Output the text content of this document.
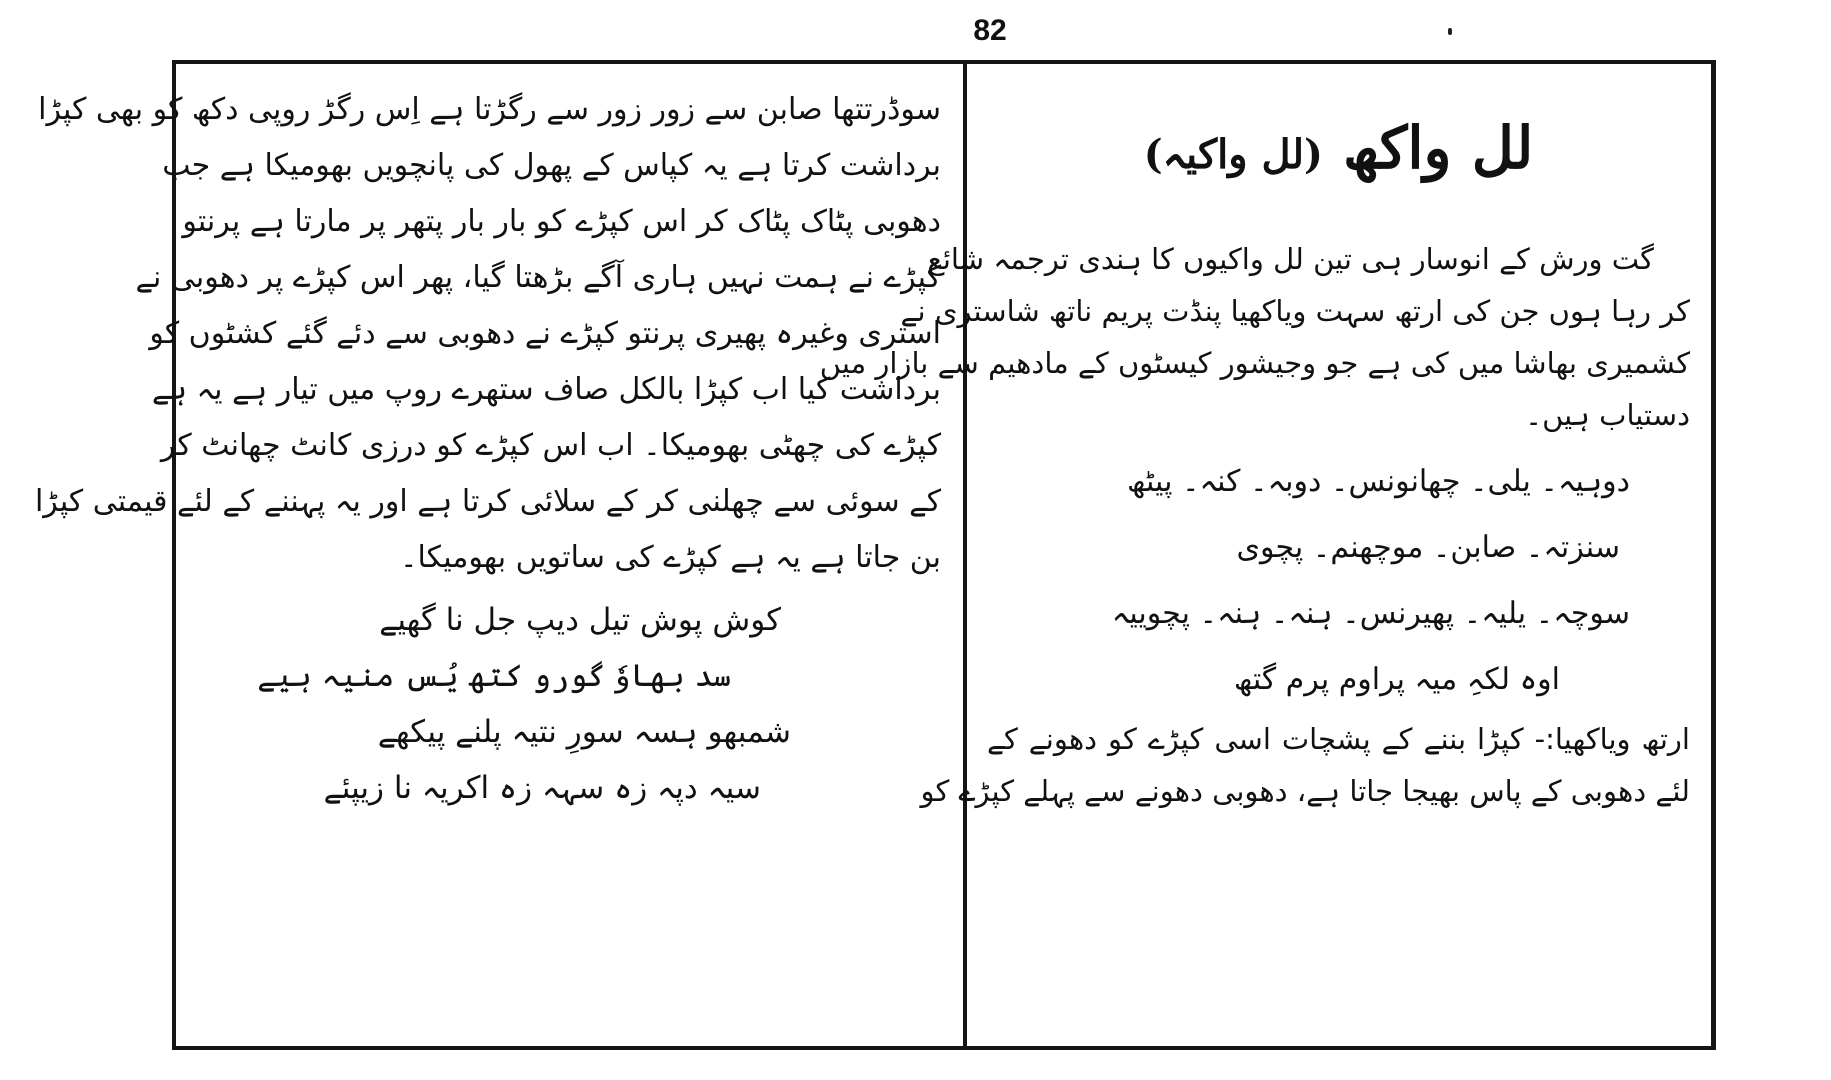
82
سوڈرتتھا صابن سے زور زور سے رگڑتا ہے اِس رگڑ روپی دکھ کو بھی کپڑا
برداشت کرتا ہے یہ کپاس کے پھول کی پانچویں بھومیکا ہے جب
دھوبی پٹاک پٹاک کر اس کپڑے کو بار بار پتھر پر مارتا ہے پرنتو
کپڑے نے ہمت نہیں ہاری آگے بڑھتا گیا، پھر اس کپڑے پر دھوبی نے
استری وغیرہ پھیری پرنتو کپڑے نے دھوبی سے دئے گئے کشٹوں کو
برداشت کیا اب کپڑا بالکل صاف ستھرے روپ میں تیار ہے یہ ہے
کپڑے کی چھٹی بھومیکا۔ اب اس کپڑے کو درزی کانٹ چھانٹ کر
کے سوئی سے چھلنی کر کے سلائی کرتا ہے اور یہ پہننے کے لئے قیمتی کپڑا
بن جاتا ہے یہ ہے کپڑے کی ساتویں بھومیکا۔
کوش پوش تیل دیپ جل نا گھیے
سد بھاوٗ گورو کتھ یُس منیہ ہیے
شمبھو ہسہ سورِ نتیہ پلنے پیکھے
سیہ دپہ زہ سہہ زہ اکریہ نا زیپئے
لل واکھ (لل واکیہ)
گت ورش کے انوسار ہی تین لل واکیوں کا ہندی ترجمہ شائع
کر رہا ہوں جن کی ارتھ سہت ویاکھیا پنڈت پریم ناتھ شاستری نے
کشمیری بھاشا میں کی ہے جو وجیشور کیسٹوں کے مادھیم سے بازار میں
دستیاب ہیں۔
دوہیہ۔ یلی۔ چھانونس۔ دوبہ۔ کنہ۔ پیٹھ
سنزتہ۔ صابن۔ موچھنم۔ پچوی
سوچہ۔ یلیہ۔ پھیرنس۔ ہنہ۔ ہنہ۔ پچوییہ
اوہ لکہِ میہ پراوم پرم گتھ
ارتھ ویاکھیا:- کپڑا بننے کے پشچات اسی کپڑے کو دھونے کے
لئے دھوبی کے پاس بھیجا جاتا ہے، دھوبی دھونے سے پہلے کپڑے کو
